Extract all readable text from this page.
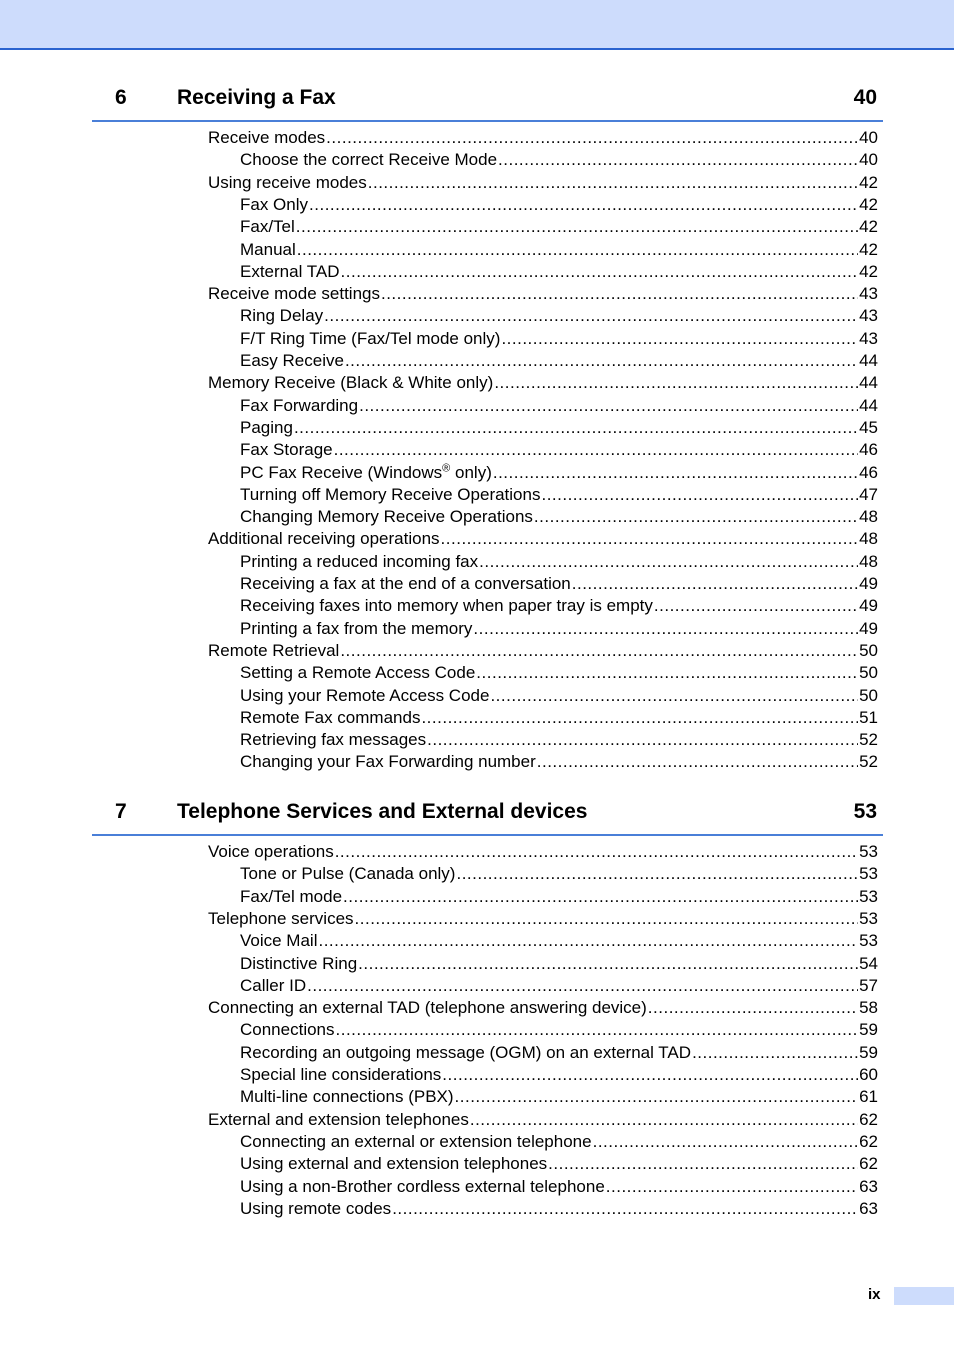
6 Receiving a Fax	40
Receive modes .....	40
Choose the correct Receive Mode .....	40
Using receive modes .....	42
Fax Only .....	42
Fax/Tel .....	42
Manual .....	42
External TAD .....	42
Receive mode settings .....	43
Ring Delay .....	43
F/T Ring Time (Fax/Tel mode only) .....	43
Easy Receive .....	44
Memory Receive (Black & White only) .....	44
Fax Forwarding .....	44
Paging .....	45
Fax Storage .....	46
PC Fax Receive (Windows® only) .....	46
Turning off Memory Receive Operations .....	47
Changing Memory Receive Operations .....	48
Additional receiving operations .....	48
Printing a reduced incoming fax .....	48
Receiving a fax at the end of a conversation .....	49
Receiving faxes into memory when paper tray is empty .....	49
Printing a fax from the memory .....	49
Remote Retrieval .....	50
Setting a Remote Access Code .....	50
Using your Remote Access Code .....	50
Remote Fax commands .....	51
Retrieving fax messages .....	52
Changing your Fax Forwarding number .....	52
7 Telephone Services and External devices	53
Voice operations .....	53
Tone or Pulse (Canada only) .....	53
Fax/Tel mode .....	53
Telephone services .....	53
Voice Mail .....	53
Distinctive Ring .....	54
Caller ID .....	57
Connecting an external TAD (telephone answering device) .....	58
Connections .....	59
Recording an outgoing message (OGM) on an external TAD .....	59
Special line considerations .....	60
Multi-line connections (PBX) .....	61
External and extension telephones .....	62
Connecting an external or extension telephone .....	62
Using external and extension telephones .....	62
Using a non-Brother cordless external telephone .....	63
Using remote codes .....	63
ix
